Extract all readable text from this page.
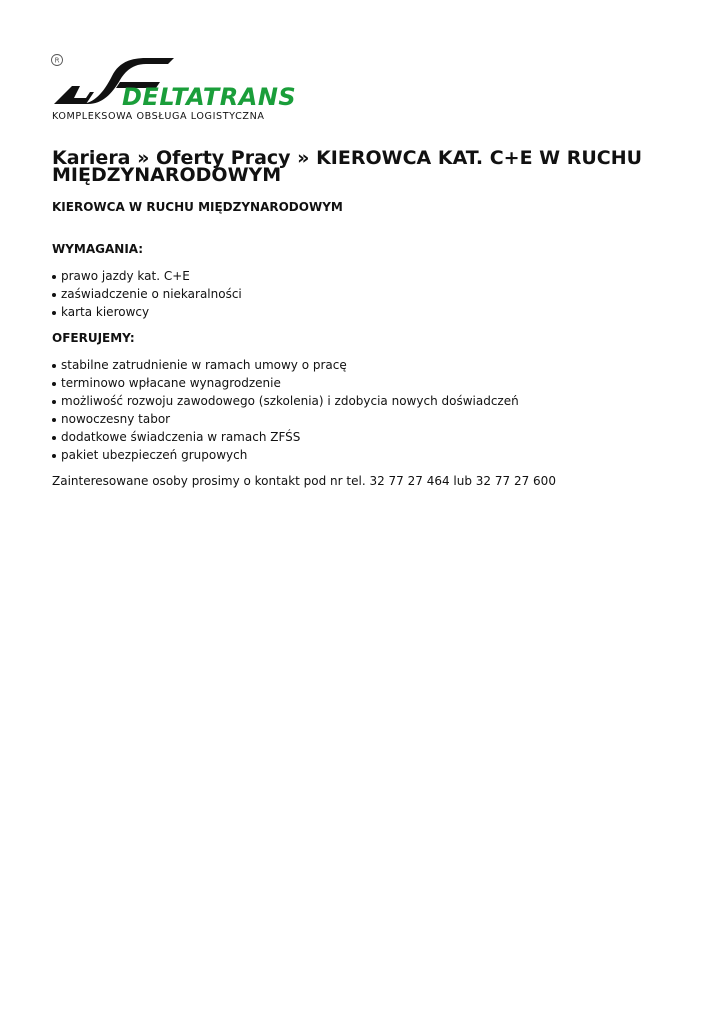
R
DELTATRANS
KOMPLEKSOWA OBSŁUGA LOGISTYCZNA
Kariera » Oferty Pracy » KIEROWCA KAT. C+E W RUCHU MIĘDZYNARODOWYM
KIEROWCA W RUCHU MIĘDZYNARODOWYM
WYMAGANIA:
prawo jazdy kat. C+E
zaświadczenie o niekaralności
karta kierowcy
OFERUJEMY:
stabilne zatrudnienie w ramach umowy o pracę
terminowo wpłacane wynagrodzenie
możliwość rozwoju zawodowego (szkolenia) i zdobycia nowych doświadczeń
nowoczesny tabor
dodatkowe świadczenia w ramach ZFŚS
pakiet ubezpieczeń grupowych
Zainteresowane osoby prosimy o kontakt pod nr tel. 32 77 27 464 lub 32 77 27 600
